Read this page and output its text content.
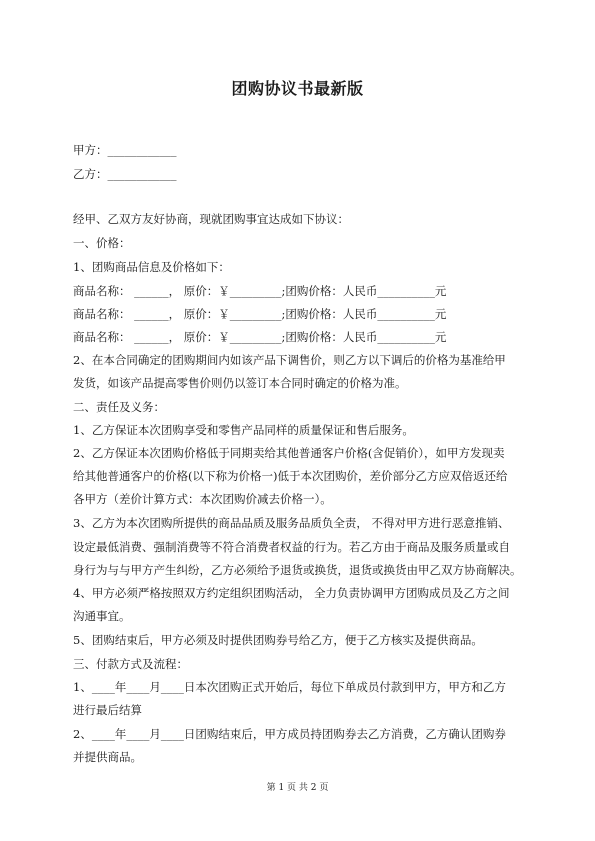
团购协议书最新版
甲方：____________
乙方：____________
经甲、乙双方友好协商，现就团购事宜达成如下协议：
一、价格：
1、团购商品信息及价格如下：
商品名称： ______， 原价：￥_________;团购价格：人民币__________元
商品名称： ______， 原价：￥_________;团购价格：人民币__________元
商品名称： ______， 原价：￥_________;团购价格：人民币__________元
2、在本合同确定的团购期间内如该产品下调售价，则乙方以下调后的价格为基准给甲
发货，如该产品提高零售价则仍以签订本合同时确定的价格为准。
二、责任及义务：
1、乙方保证本次团购享受和零售产品同样的质量保证和售后服务。
2、乙方保证本次团购价格低于同期卖给其他普通客户价格(含促销价），如甲方发现卖
给其他普通客户的价格(以下称为价格一)低于本次团购价，差价部分乙方应双倍返还给
各甲方（差价计算方式：本次团购价减去价格一）。
3、乙方为本次团购所提供的商品品质及服务品质负全责， 不得对甲方进行恶意推销、
设定最低消费、强制消费等不符合消费者权益的行为。若乙方由于商品及服务质量或自
身行为与与甲方产生纠纷，乙方必须给予退货或换货，退货或换货由甲乙双方协商解决。
4、甲方必须严格按照双方约定组织团购活动， 全力负责协调甲方团购成员及乙方之间
沟通事宜。
5、团购结束后，甲方必须及时提供团购券号给乙方，便于乙方核实及提供商品。
三、付款方式及流程：
1、____年____月____日本次团购正式开始后，每位下单成员付款到甲方，甲方和乙方
进行最后结算
2、____年____月____日团购结束后，甲方成员持团购券去乙方消费，乙方确认团购券
并提供商品。
第 1 页 共 2 页
